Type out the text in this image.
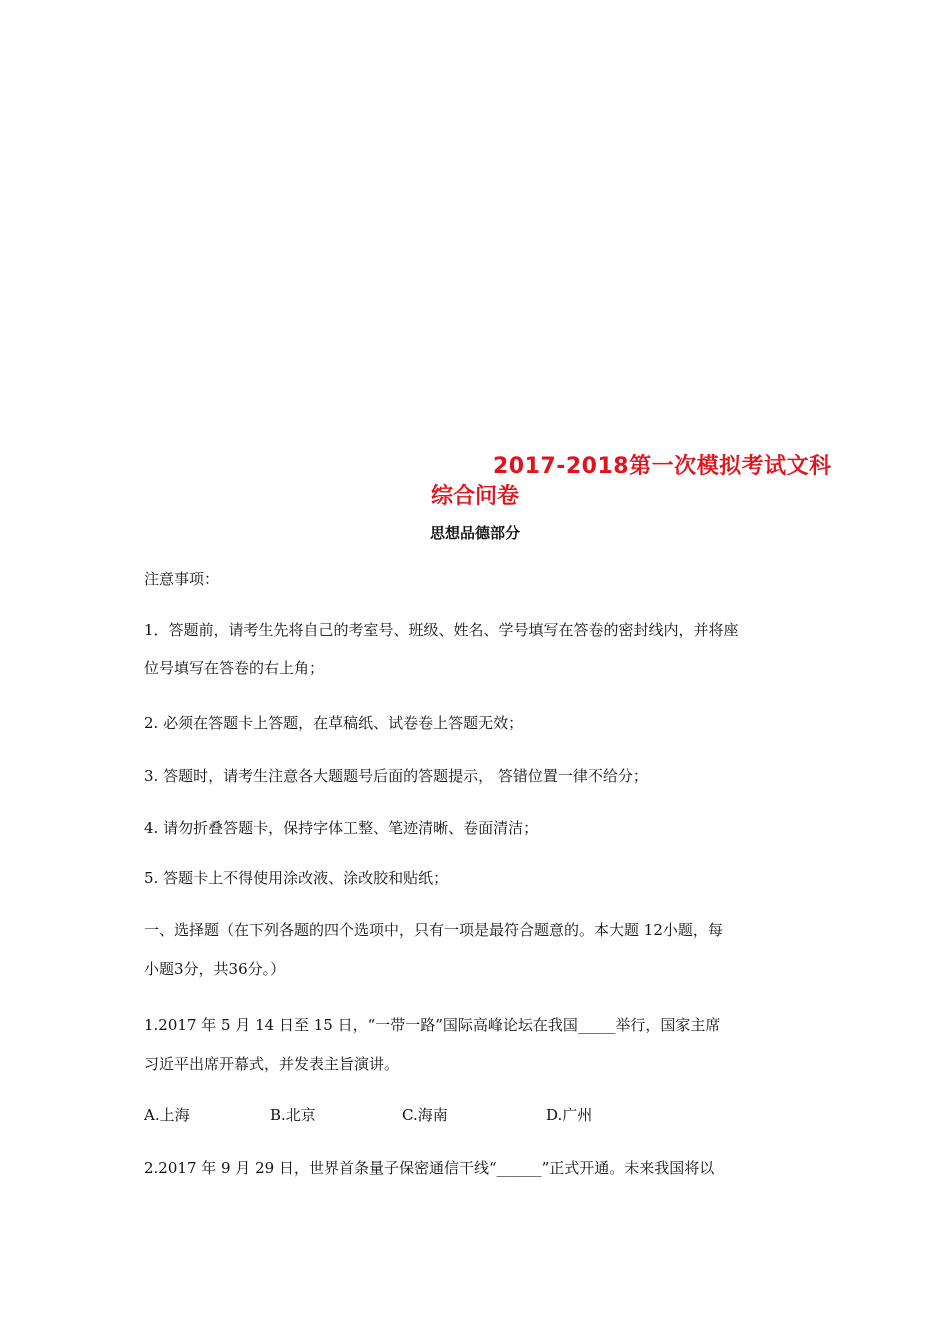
2017-2018第一次模拟考试文科
综合问卷
思想品德部分
注意事项：
1．答题前，请考生先将自己的考室号、班级、姓名、学号填写在答卷的密封线内，并将座
位号填写在答卷的右上角；
2. 必须在答题卡上答题，在草稿纸、试卷卷上答题无效；
3. 答题时，请考生注意各大题题号后面的答题提示， 答错位置一律不给分；
4. 请勿折叠答题卡，保持字体工整、笔迹清晰、卷面清洁；
5. 答题卡上不得使用涂改液、涂改胶和贴纸；
一、选择题（在下列各题的四个选项中，只有一项是最符合题意的。本大题 12小题，每
小题3分，共36分。）
1.2017 年 5 月 14 日至 15 日，“一带一路”国际高峰论坛在我国_____举行，国家主席
习近平出席开幕式，并发表主旨演讲。
A.上海	B.北京	C.海南	D.广州
2.2017 年 9 月 29 日，世界首条量子保密通信干线“______”正式开通。未来我国将以
